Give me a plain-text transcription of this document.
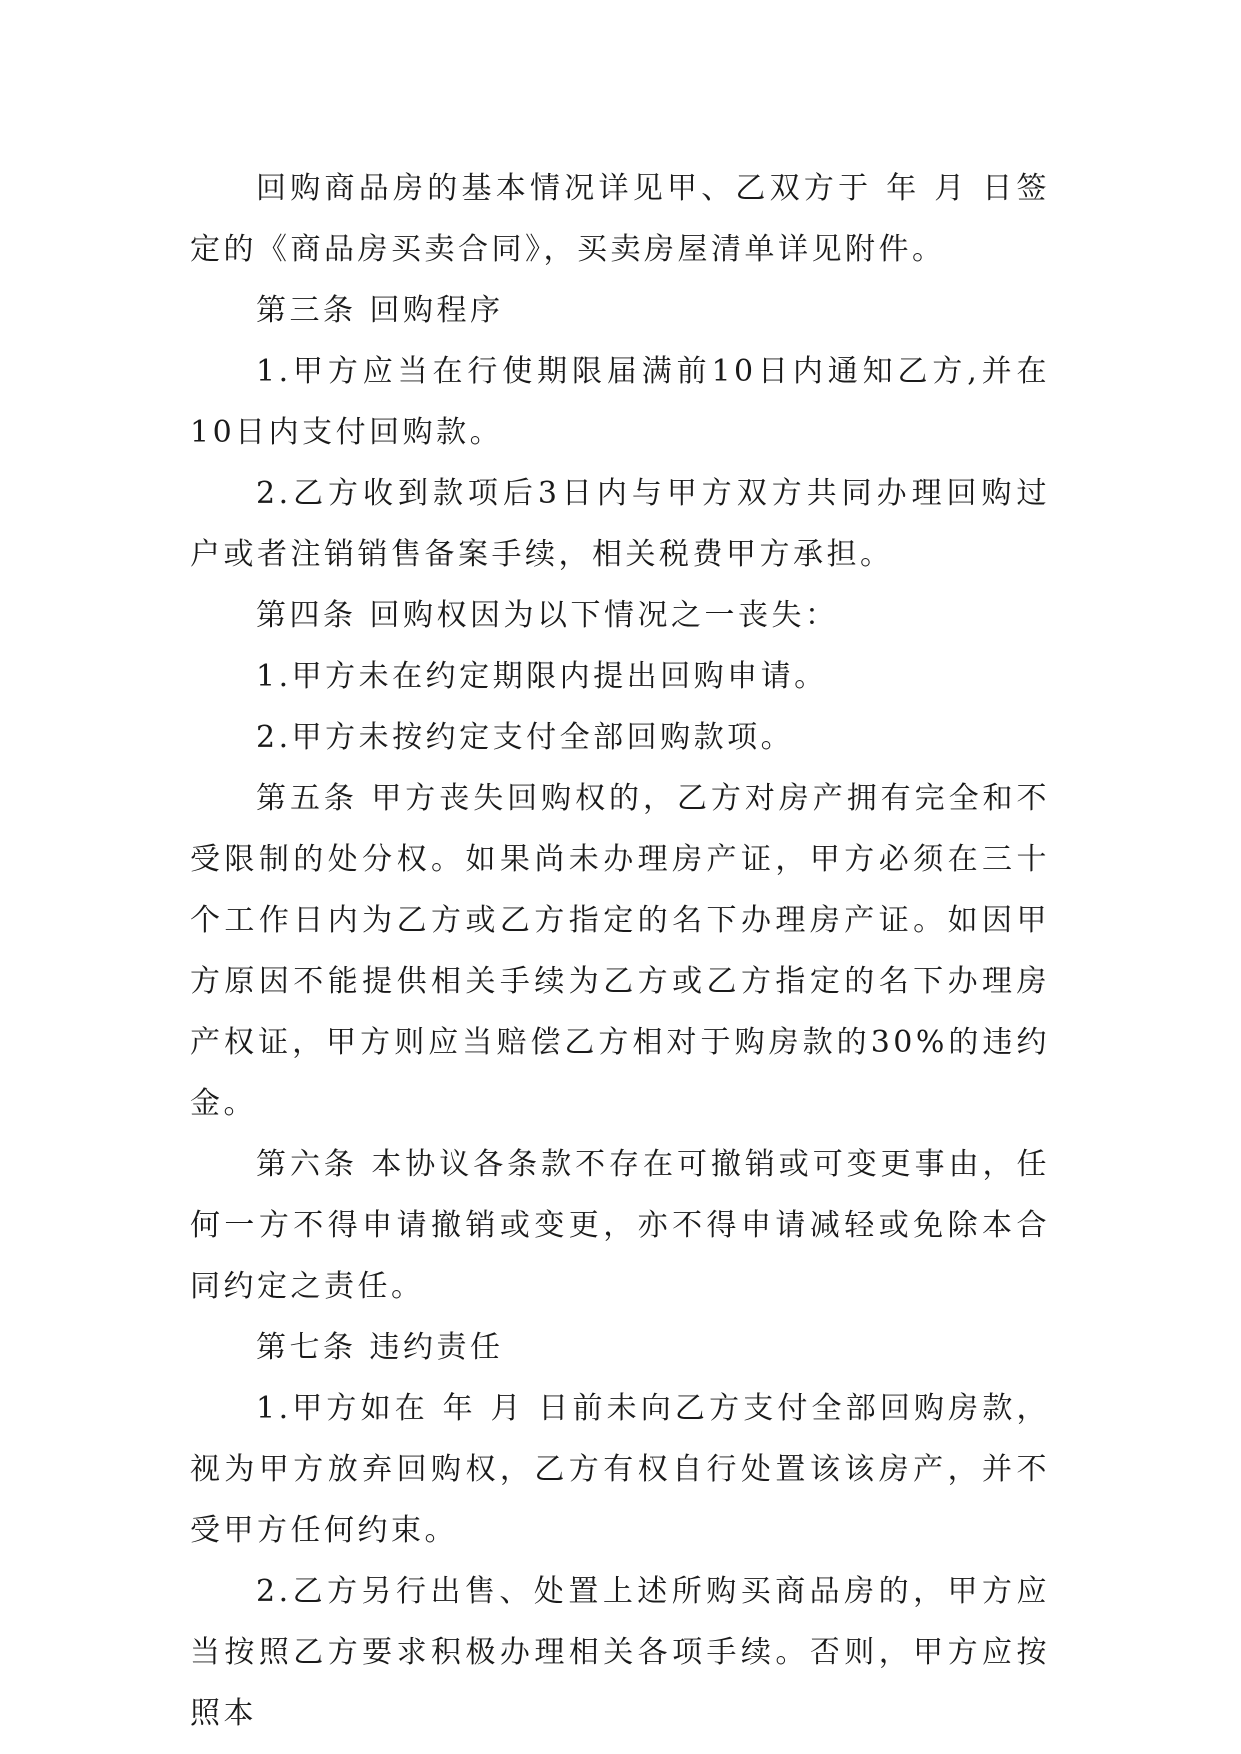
回购商品房的基本情况详见甲、乙双方于 年 月 日签定的《商品房买卖合同》，买卖房屋清单详见附件。

第三条 回购程序

1.甲方应当在行使期限届满前10日内通知乙方,并在10日内支付回购款。

2.乙方收到款项后3日内与甲方双方共同办理回购过户或者注销销售备案手续，相关税费甲方承担。

第四条 回购权因为以下情况之一丧失：

1.甲方未在约定期限内提出回购申请。

2.甲方未按约定支付全部回购款项。

第五条 甲方丧失回购权的，乙方对房产拥有完全和不受限制的处分权。如果尚未办理房产证，甲方必须在三十个工作日内为乙方或乙方指定的名下办理房产证。如因甲方原因不能提供相关手续为乙方或乙方指定的名下办理房产权证，甲方则应当赔偿乙方相对于购房款的30%的违约金。

第六条 本协议各条款不存在可撤销或可变更事由，任何一方不得申请撤销或变更，亦不得申请减轻或免除本合同约定之责任。

第七条 违约责任

1.甲方如在 年 月 日前未向乙方支付全部回购房款，视为甲方放弃回购权，乙方有权自行处置该该房产，并不受甲方任何约束。

2.乙方另行出售、处置上述所购买商品房的，甲方应当按照乙方要求积极办理相关各项手续。否则，甲方应按照本
